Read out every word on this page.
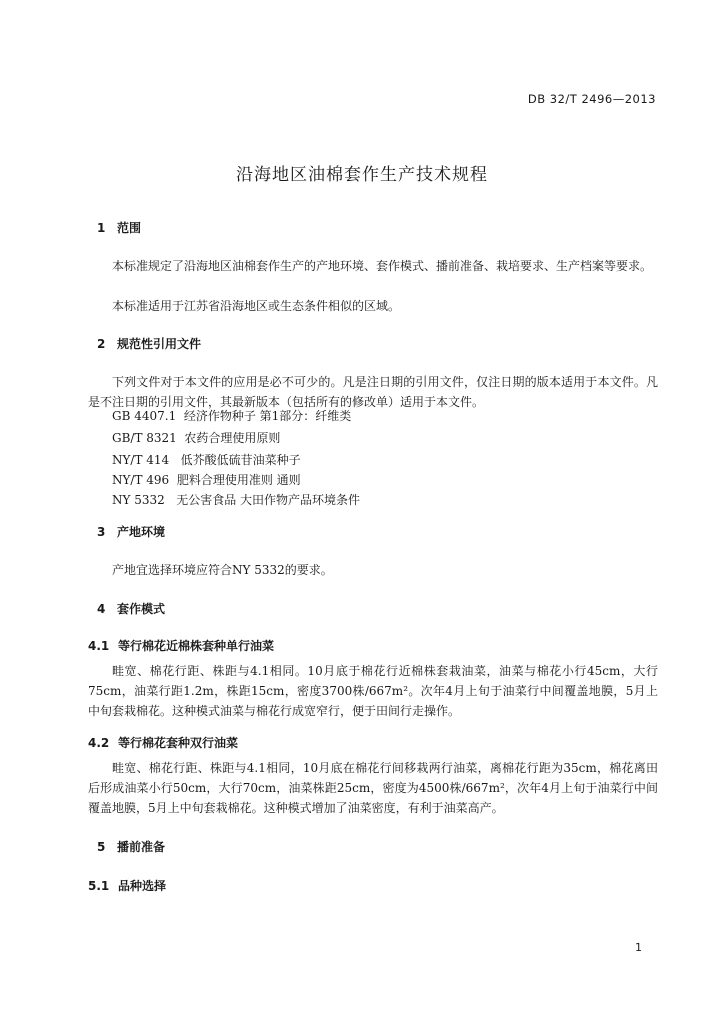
DB 32/T 2496—2013
沿海地区油棉套作生产技术规程
1 范围
本标准规定了沿海地区油棉套作生产的产地环境、套作模式、播前准备、栽培要求、生产档案等要求。
本标准适用于江苏省沿海地区或生态条件相似的区域。
2 规范性引用文件
下列文件对于本文件的应用是必不可少的。凡是注日期的引用文件，仅注日期的版本适用于本文件。凡是不注日期的引用文件，其最新版本（包括所有的修改单）适用于本文件。
GB 4407.1  经济作物种子 第1部分：纤维类
GB/T 8321  农药合理使用原则
NY/T 414   低芥酸低硫苷油菜种子
NY/T 496  肥料合理使用准则 通则
NY 5332   无公害食品 大田作物产品环境条件
3 产地环境
产地宜选择环境应符合NY 5332的要求。
4 套作模式
4.1 等行棉花近棉株套种单行油菜
畦宽、棉花行距、株距与4.1相同。10月底于棉花行近棉株套栽油菜，油菜与棉花小行45cm，大行75cm，油菜行距1.2m，株距15cm，密度3700株/667m²。次年4月上旬于油菜行中间覆盖地膜，5月上中旬套栽棉花。这种模式油菜与棉花行成宽窄行，便于田间行走操作。
4.2 等行棉花套种双行油菜
畦宽、棉花行距、株距与4.1相同，10月底在棉花行间移栽两行油菜，离棉花行距为35cm，棉花离田后形成油菜小行50cm，大行70cm，油菜株距25cm，密度为4500株/667m²，次年4月上旬于油菜行中间覆盖地膜，5月上中旬套栽棉花。这种模式增加了油菜密度，有利于油菜高产。
5 播前准备
5.1 品种选择
1
